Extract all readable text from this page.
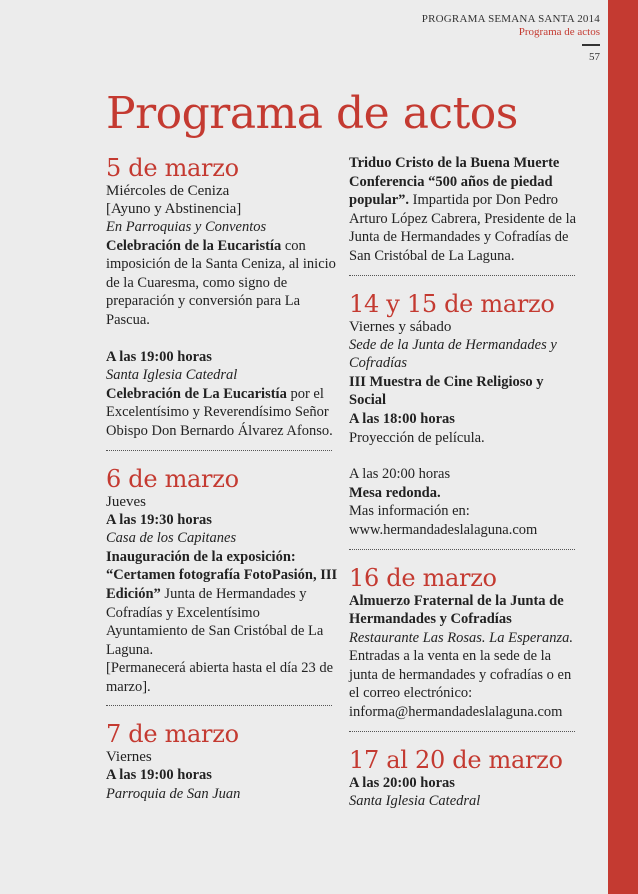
PROGRAMA SEMANA SANTA 2014
Programa de actos
57
Programa de actos
5 de marzo
Miércoles de Ceniza
[Ayuno y Abstinencia]
En Parroquias y Conventos

Celebración de la Eucaristía con imposición de la Santa Ceniza, al inicio de la Cuaresma, como signo de preparación y conversión para La Pascua.

A las 19:00 horas
Santa Iglesia Catedral

Celebración de La Eucaristía por el Excelentísimo y Reverendísimo Señor Obispo Don Bernardo Álvarez Afonso.

6 de marzo
Jueves
A las 19:30 horas
Casa de los Capitanes
Inauguración de la exposición:

“Certamen fotografía FotoPasión, III Edición” Junta de Hermandades y Cofradías y Excelentísimo Ayuntamiento de San Cristóbal de La Laguna.

[Permanecerá abierta hasta el día 23 de marzo].

7 de marzo
Viernes
A las 19:00 horas
Parroquia de San Juan
Triduo Cristo de la Buena Muerte

Conferencia “500 años de piedad popular”. Impartida por Don Pedro Arturo López Cabrera, Presidente de la Junta de Hermandades y Cofradías de San Cristóbal de La Laguna.

14 y 15 de marzo
Viernes y sábado
Sede de la Junta de Hermandades y Cofradías
III Muestra de Cine Religioso y Social
A las 18:00 horas
Proyección de película.
A las 20:00 horas
Mesa redonda.
Mas información en:
www.hermandadeslalaguna.com
16 de marzo
Almuerzo Fraternal de la Junta de Hermandades y Cofradías
Restaurante Las Rosas. La Esperanza.

Entradas a la venta en la sede de la junta de hermandades y cofradías o en el correo electrónico:

informa@hermandadeslalaguna.com
17 al 20 de marzo
A las 20:00 horas
Santa Iglesia Catedral
